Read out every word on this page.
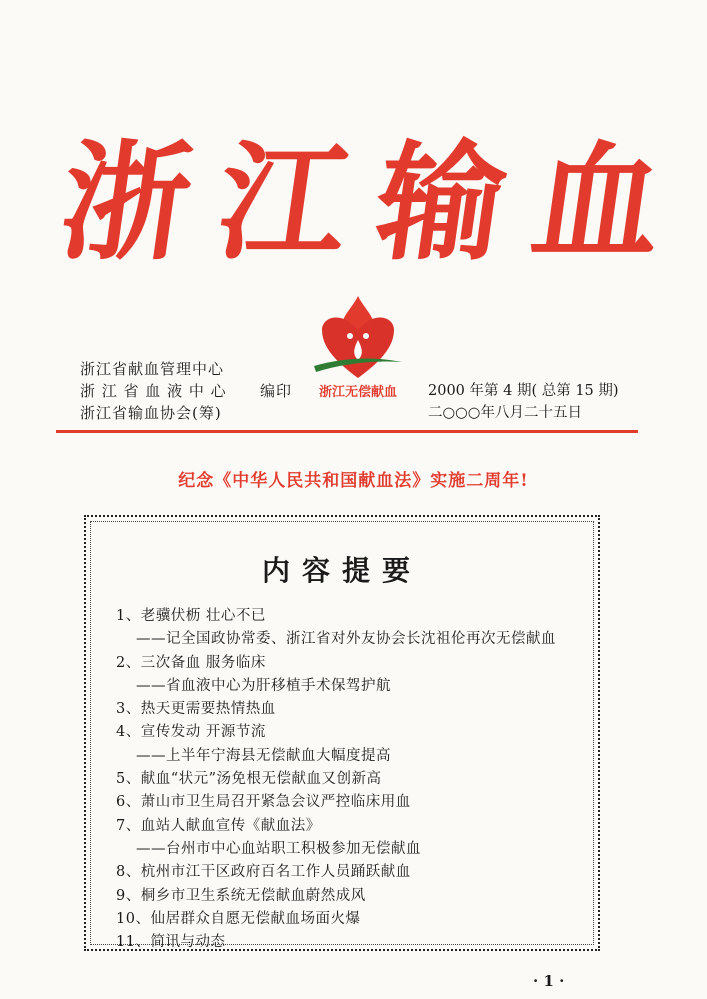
浙 江 输 血
浙江无偿献血
浙江省献血管理中心
浙 江 省 血 液 中 心	编印
浙江省输血协会(筹)
2000 年第 4 期( 总第 15 期)
二○○○年八月二十五日
纪念《中华人民共和国献血法》实施二周年!
内容提要
1、老骥伏枥 壮心不已
——记全国政协常委、浙江省对外友协会长沈祖伦再次无偿献血
2、三次备血 服务临床
——省血液中心为肝移植手术保驾护航
3、热天更需要热情热血
4、宣传发动 开源节流
——上半年宁海县无偿献血大幅度提高
5、献血“状元”汤免根无偿献血又创新高
6、萧山市卫生局召开紧急会议严控临床用血
7、血站人献血宣传《献血法》
——台州市中心血站职工积极参加无偿献血
8、杭州市江干区政府百名工作人员踊跃献血
9、桐乡市卫生系统无偿献血蔚然成风
10、仙居群众自愿无偿献血场面火爆
11、简讯与动态
· 1 ·
